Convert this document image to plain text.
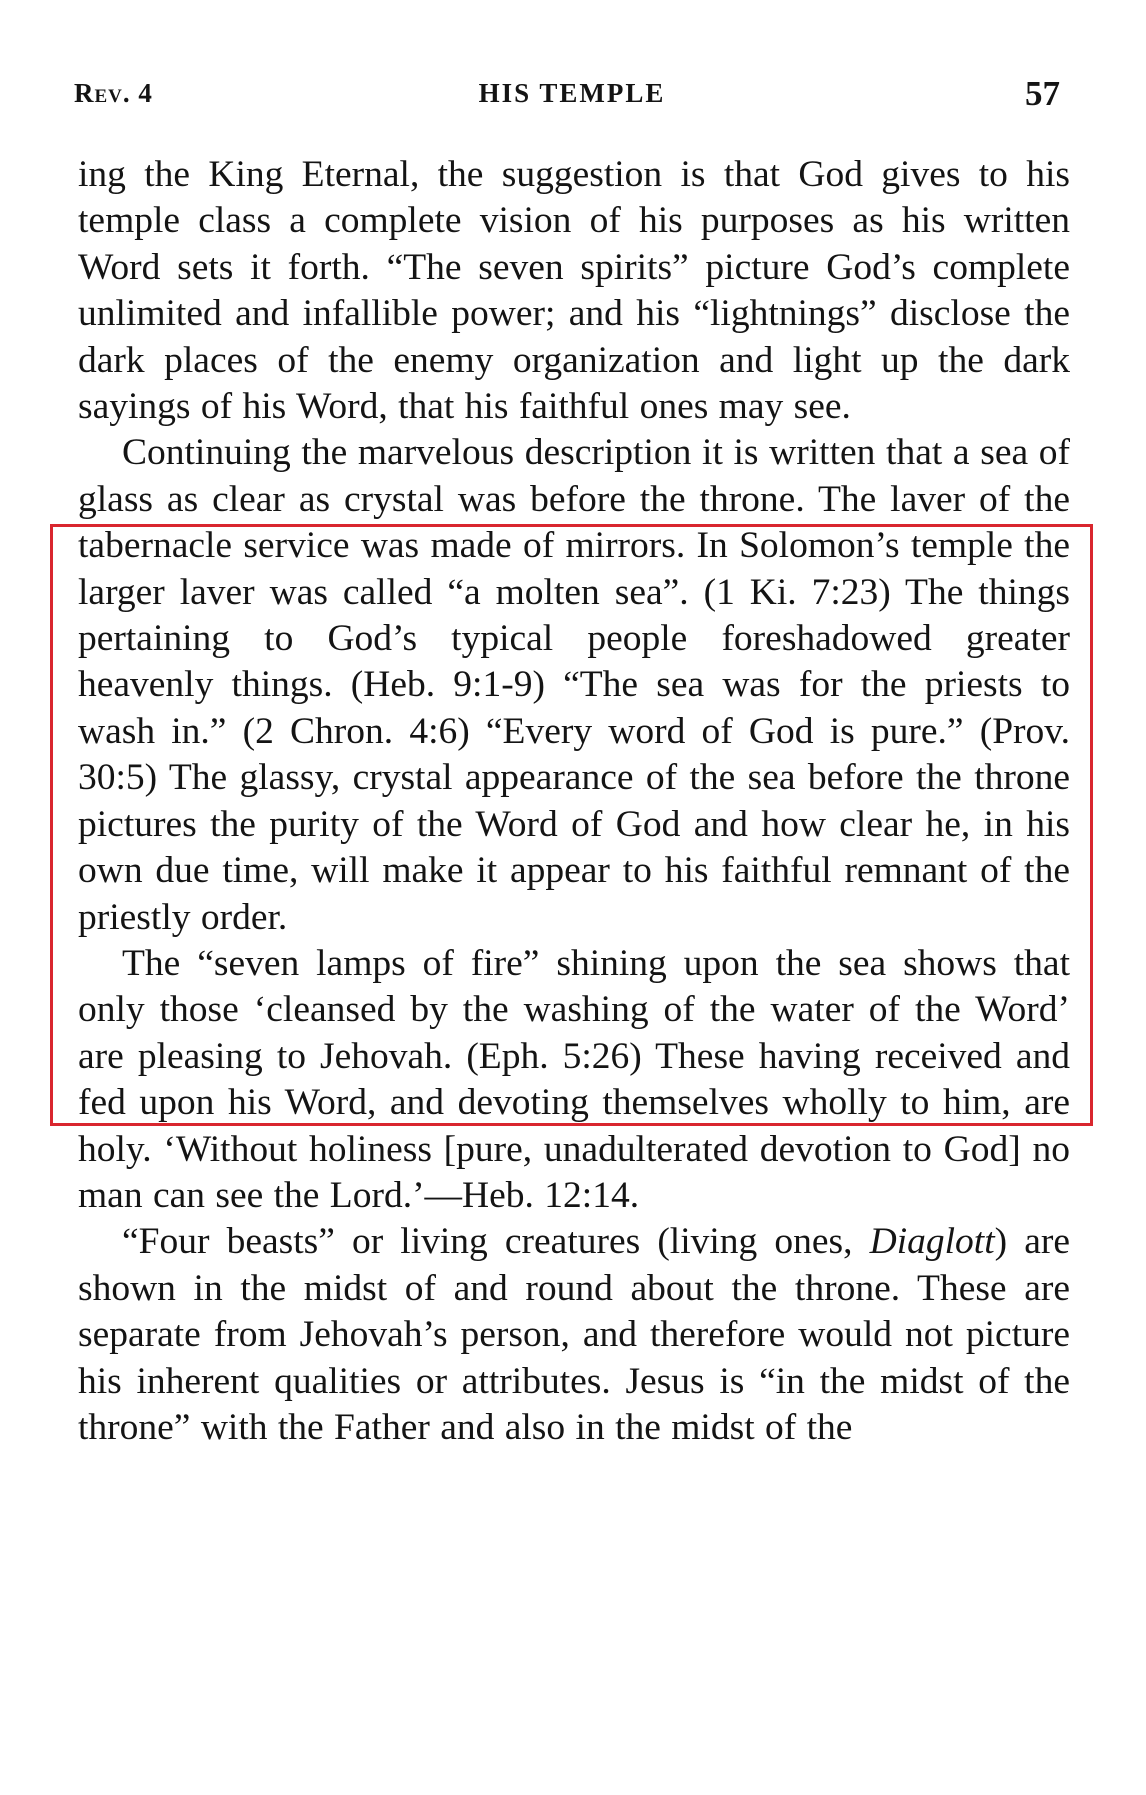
Rev. 4	HIS TEMPLE	57

ing the King Eternal, the suggestion is that God gives to his temple class a complete vision of his purposes as his written Word sets it forth. “The seven spirits” picture God’s complete unlimited and infallible power; and his “lightnings” disclose the dark places of the enemy organization and light up the dark sayings of his Word, that his faithful ones may see.

Continuing the marvelous description it is written that a sea of glass as clear as crystal was before the throne. The laver of the tabernacle service was made of mirrors. In Solomon’s temple the larger laver was called “a molten sea”. (1 Ki. 7:23) The things pertaining to God’s typical people foreshadowed greater heavenly things. (Heb. 9:1-9) “The sea was for the priests to wash in.” (2 Chron. 4:6) “Every word of God is pure.” (Prov. 30:5) The glassy, crystal appearance of the sea before the throne pictures the purity of the Word of God and how clear he, in his own due time, will make it appear to his faithful remnant of the priestly order.

The “seven lamps of fire” shining upon the sea shows that only those ‘cleansed by the washing of the water of the Word’ are pleasing to Jehovah. (Eph. 5:26) These having received and fed upon his Word, and devoting themselves wholly to him, are holy. ‘Without holiness [pure, unadulterated devotion to God] no man can see the Lord.’—Heb. 12:14.

“Four beasts” or living creatures (living ones, Diaglott) are shown in the midst of and round about the throne. These are separate from Jehovah’s person, and therefore would not picture his inherent qualities or attributes. Jesus is “in the midst of the throne” with the Father and also in the midst of the
